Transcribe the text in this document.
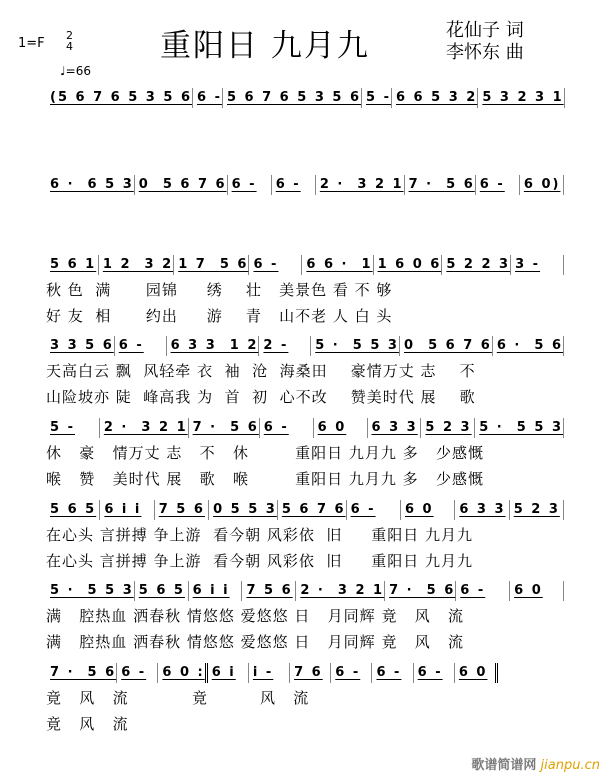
1=F
2
4
♩=66
重阳日 九月九	花仙子 词
李怀东 曲
(5 6 7 6 5 3 5 6 6 - 5 6 7 6 5 3 5 6 5 - 6 6 5 3 2 5 3 2 3 1
6 ·  6 5 3 0  5 6 7 6 6 -	6 -	2 ·  3 2 1 7 ·  5 6 6 -	6 0)
5 6 1 1 2  3 2 1 7  5 6 6 -	6 6 ·  1 1 6 0 6 5 2 2 3 3 -
秋 色  满      园锦     绣    壮   美景色 看 不 够
好 友  相      约出     游    青   山不老 人 白 头
3 3 5 6 6 -	6 3 3  1 2 2 -	5 ·  5 5 3 0  5 6 7 6 6 ·  5 6
天高白云 飘  风轻牵 衣  袖  沧  海桑田    豪情万丈 志    不
山险坡亦 陡  峰高我 为  首  初  心不改    赞美时代 展    歌
5 -	2 ·  3 2 1 7 ·  5 6 6 -	6 0	6 3 3 5 2 3 5 ·  5 5 3
休   豪   情万丈 志   不   休        重阳日 九月九 多   少感慨
喉   赞   美时代 展   歌   喉        重阳日 九月九 多   少感慨
5 6 5 6 i i	7 5 6 0 5 5 3 5 6 7 6 6 -	6 0	6 3 3 5 2 3
在心头 言拼搏 争上游  看今朝 风彩依  旧     重阳日 九月九
在心头 言拼搏 争上游  看今朝 风彩依  旧     重阳日 九月九
5 ·  5 5 3 5 6 5 6 i i	7 5 6 2 ·  3 2 1 7 ·  5 6 6 -	6 0
满   腔热血 洒春秋 情悠悠 爱悠悠 日   月同辉 竟   风   流
满   腔热血 洒春秋 情悠悠 爱悠悠 日   月同辉 竟   风   流
7 ·  5 6 6 -	6 0 : 6 i	i -	7 6 6 -	6 -	6 -	6 0
竟   风   流           竟         风   流
竟   风   流
歌谱简谱网 jianpu.cn
